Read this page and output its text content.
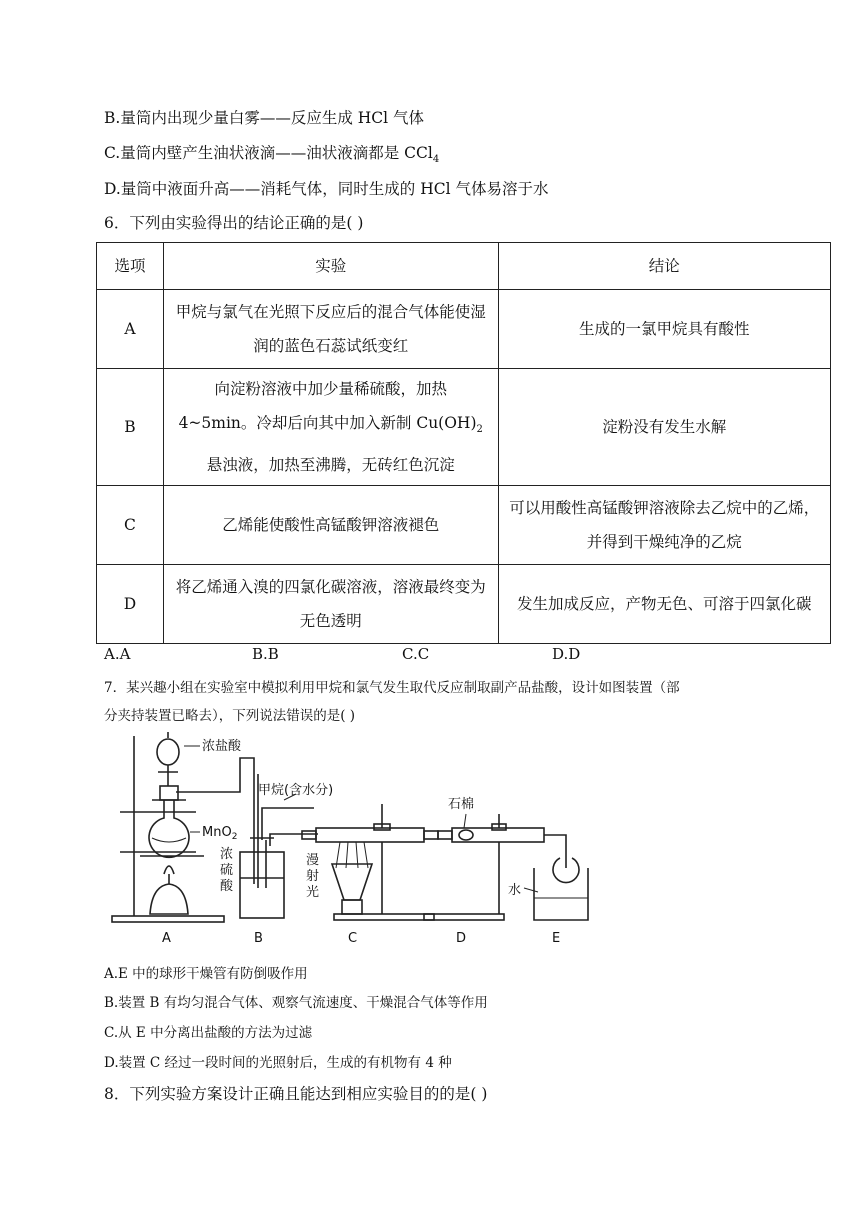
B.量筒内出现少量白雾——反应生成 HCl 气体
C.量筒内壁产生油状液滴——油状液滴都是 CCl$_4$
D.量筒中液面升高——消耗气体，同时生成的 HCl 气体易溶于水
6．下列由实验得出的结论正确的是( )
选项	实验	结论
A	甲烷与氯气在光照下反应后的混合气体能使湿润的蓝色石蕊试纸变红	生成的一氯甲烷具有酸性
B	向淀粉溶液中加少量稀硫酸，加热
4~5min。冷却后向其中加入新制 $Cu(OH)_2$
悬浊液，加热至沸腾，无砖红色沉淀	淀粉没有发生水解
C	乙烯能使酸性高锰酸钾溶液褪色	可以用酸性高锰酸钾溶液除去乙烷中的乙烯，并得到干燥纯净的乙烷
D	将乙烯通入溴的四氯化碳溶液，溶液最终变为无色透明	发生加成反应，产物无色、可溶于四氯化碳
A.A	B.B	C.C	D.D
7．某兴趣小组在实验室中模拟利用甲烷和氯气发生取代反应制取副产品盐酸，设计如图装置（部
分夹持装置已略去），下列说法错误的是( )
浓盐酸
MnO$_2$
甲烷(含水分)
浓
硫
酸
漫
射
光
石棉
水
A	B	C	D	E
A.E 中的球形干燥管有防倒吸作用
B.装置 B 有均匀混合气体、观察气流速度、干燥混合气体等作用
C.从 E 中分离出盐酸的方法为过滤
D.装置 C 经过一段时间的光照射后，生成的有机物有 4 种
8．下列实验方案设计正确且能达到相应实验目的的是( )
